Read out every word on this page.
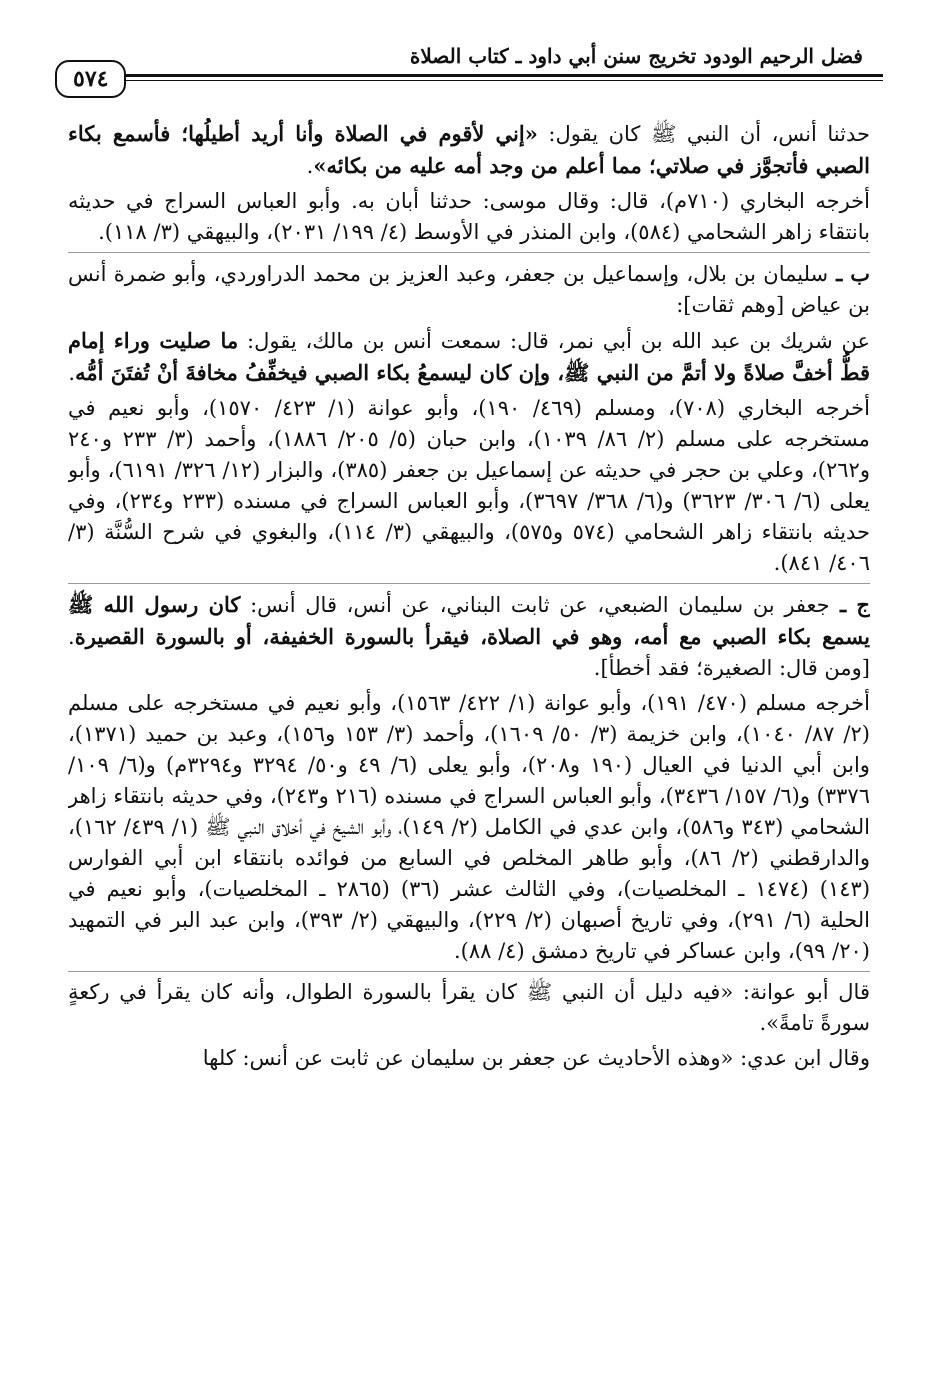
فضل الرحيم الودود تخريج سنن أبي داود ـ كتاب الصلاة
٥٧٤

حدثنا أنس، أن النبي ﷺ كان يقول: «إني لأقوم في الصلاة وأنا أريد أطيلُها؛ فأسمع بكاء الصبي فأتجوَّز في صلاتي؛ مما أعلم من وجد أمه عليه من بكائه».

أخرجه البخاري (٧١٠م)، قال: وقال موسى: حدثنا أبان به. وأبو العباس السراج في حديثه بانتقاء زاهر الشحامي (٥٨٤)، وابن المنذر في الأوسط (٤/ ١٩٩/ ٢٠٣١)، والبيهقي (٣/ ١١٨).

ب ـ سليمان بن بلال، وإسماعيل بن جعفر، وعبد العزيز بن محمد الدراوردي، وأبو ضمرة أنس بن عياض [وهم ثقات]:

عن شريك بن عبد الله بن أبي نمر، قال: سمعت أنس بن مالك، يقول: ما صليت وراء إمام قطُّ أخفَّ صلاةً ولا أتمَّ من النبي ﷺ، وإن كان ليسمعُ بكاء الصبي فيخفِّفُ مخافةَ أنْ تُفتَنَ أمُّه.

أخرجه البخاري (٧٠٨)، ومسلم (٤٦٩/ ١٩٠)، وأبو عوانة (١/ ٤٢٣/ ١٥٧٠)، وأبو نعيم في مستخرجه على مسلم (٢/ ٨٦/ ١٠٣٩)، وابن حبان (٥/ ٢٠٥/ ١٨٨٦)، وأحمد (٣/ ٢٣٣ و٢٤٠ و٢٦٢)، وعلي بن حجر في حديثه عن إسماعيل بن جعفر (٣٨٥)، والبزار (١٢/ ٣٢٦/ ٦١٩١)، وأبو يعلى (٦/ ٣٠٦/ ٣٦٢٣) و(٦/ ٣٦٨/ ٣٦٩٧)، وأبو العباس السراج في مسنده (٢٣٣ و٢٣٤)، وفي حديثه بانتقاء زاهر الشحامي (٥٧٤ و٥٧٥)، والبيهقي (٣/ ١١٤)، والبغوي في شرح السُّنَّة (٣/ ٤٠٦/ ٨٤١).

ج ـ جعفر بن سليمان الضبعي، عن ثابت البناني، عن أنس، قال أنس: كان رسول الله ﷺ يسمع بكاء الصبي مع أمه، وهو في الصلاة، فيقرأ بالسورة الخفيفة، أو بالسورة القصيرة. [ومن قال: الصغيرة؛ فقد أخطأ].

أخرجه مسلم (٤٧٠/ ١٩١)، وأبو عوانة (١/ ٤٢٢/ ١٥٦٣)، وأبو نعيم في مستخرجه على مسلم (٢/ ٨٧/ ١٠٤٠)، وابن خزيمة (٣/ ٥٠/ ١٦٠٩)، وأحمد (٣/ ١٥٣ و١٥٦)، وعبد بن حميد (١٣٧١)، وابن أبي الدنيا في العيال (١٩٠ و٢٠٨)، وأبو يعلى (٦/ ٤٩ و٥٠/ ٣٢٩٤ و٣٢٩٤م) و(٦/ ١٠٩/ ٣٣٧٦) و(٦/ ١٥٧/ ٣٤٣٦)، وأبو العباس السراج في مسنده (٢١٦ و٢٤٣)، وفي حديثه بانتقاء زاهر الشحامي (٣٤٣ و٥٨٦)، وابن عدي في الكامل (٢/ ١٤٩)، وأبو الشيخ في أخلاق النبي ﷺ (١/ ٤٣٩/ ١٦٢)، والدارقطني (٢/ ٨٦)، وأبو طاهر المخلص في السابع من فوائده بانتقاء ابن أبي الفوارس (١٤٣) (١٤٧٤ ـ المخلصيات)، وفي الثالث عشر (٣٦) (٢٨٦٥ ـ المخلصيات)، وأبو نعيم في الحلية (٦/ ٢٩١)، وفي تاريخ أصبهان (٢/ ٢٢٩)، والبيهقي (٢/ ٣٩٣)، وابن عبد البر في التمهيد (٢٠/ ٩٩)، وابن عساكر في تاريخ دمشق (٤/ ٨٨).

قال أبو عوانة: «فيه دليل أن النبي ﷺ كان يقرأ بالسورة الطوال، وأنه كان يقرأ في ركعةٍ سورةً تامةً».

وقال ابن عدي: «وهذه الأحاديث عن جعفر بن سليمان عن ثابت عن أنس: كلها
